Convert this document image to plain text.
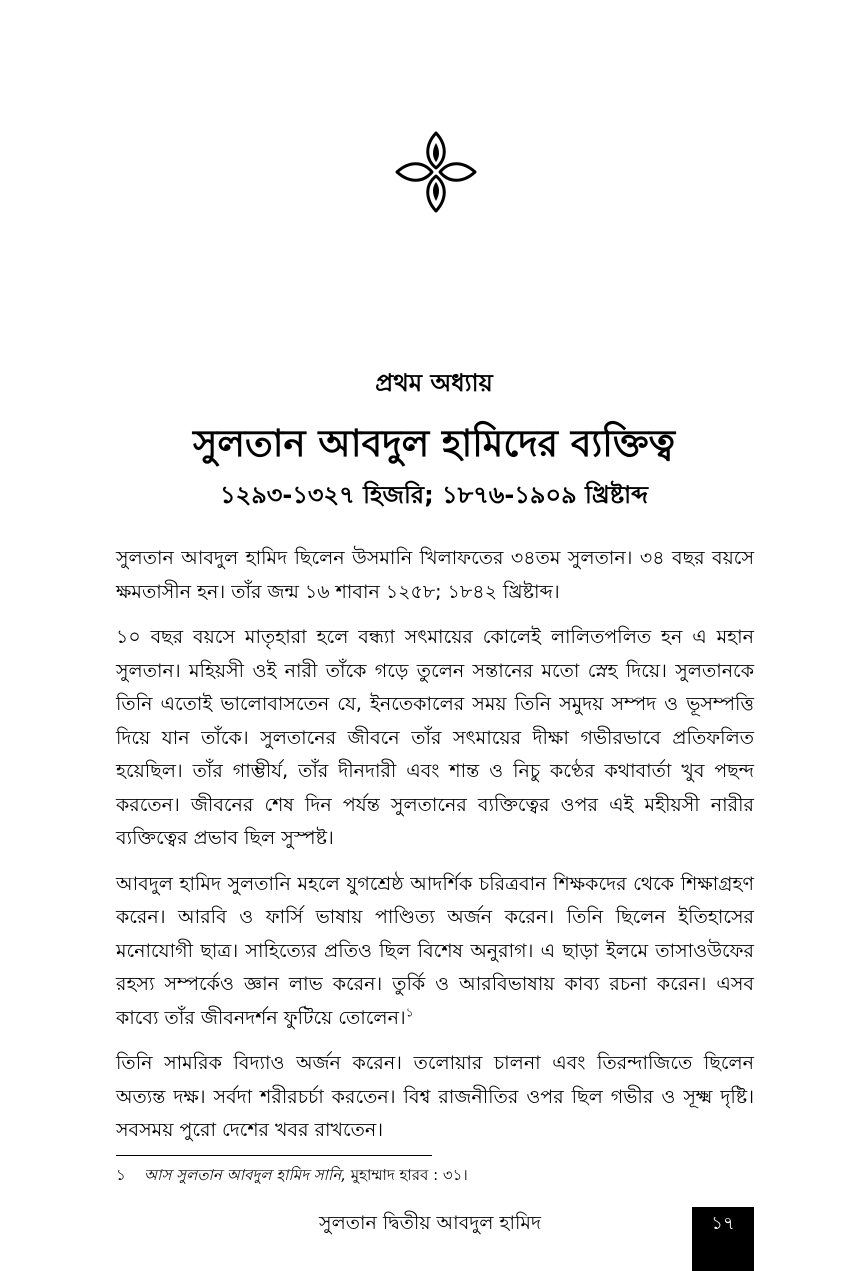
প্রথম অধ্যায়
সুলতান আবদুল হামিদের ব্যক্তিত্ব
১২৯৩-১৩২৭ হিজরি; ১৮৭৬-১৯০৯ খ্রিষ্টাব্দ

সুলতান আবদুল হামিদ ছিলেন উসমানি খিলাফতের ৩৪তম সুলতান। ৩৪ বছর বয়সে ক্ষমতাসীন হন। তাঁর জন্ম ১৬ শাবান ১২৫৮; ১৮৪২ খ্রিষ্টাব্দ।

১০ বছর বয়সে মাতৃহারা হলে বন্ধ্যা সৎমায়ের কোলেই লালিতপলিত হন এ মহান সুলতান। মহিয়সী ওই নারী তাঁকে গড়ে তুলেন সন্তানের মতো স্নেহ দিয়ে। সুলতানকে তিনি এতোই ভালোবাসতেন যে, ইনতেকালের সময় তিনি সমুদয় সম্পদ ও ভূসম্পত্তি দিয়ে যান তাঁকে। সুলতানের জীবনে তাঁর সৎমায়ের দীক্ষা গভীরভাবে প্রতিফলিত হয়েছিল। তাঁর গাম্ভীর্য, তাঁর দীনদারী এবং শান্ত ও নিচু কণ্ঠের কথাবার্তা খুব পছন্দ করতেন। জীবনের শেষ দিন পর্যন্ত সুলতানের ব্যক্তিত্বের ওপর এই মহীয়সী নারীর ব্যক্তিত্বের প্রভাব ছিল সুস্পষ্ট।

আবদুল হামিদ সুলতানি মহলে যুগশ্রেষ্ঠ আদর্শিক চরিত্রবান শিক্ষকদের থেকে শিক্ষাগ্রহণ করেন। আরবি ও ফার্সি ভাষায় পাণ্ডিত্য অর্জন করেন। তিনি ছিলেন ইতিহাসের মনোযোগী ছাত্র। সাহিত্যের প্রতিও ছিল বিশেষ অনুরাগ। এ ছাড়া ইলমে তাসাওউফের রহস্য সম্পর্কেও জ্ঞান লাভ করেন। তুর্কি ও আরবিভাষায় কাব্য রচনা করেন। এসব কাব্যে তাঁর জীবনদর্শন ফুটিয়ে তোলেন।$^১$

তিনি সামরিক বিদ্যাও অর্জন করেন। তলোয়ার চালনা এবং তিরন্দাজিতে ছিলেন অত্যন্ত দক্ষ। সর্বদা শরীরচর্চা করতেন। বিশ্ব রাজনীতির ওপর ছিল গভীর ও সূক্ষ্ম দৃষ্টি। সবসময় পুরো দেশের খবর রাখতেন।

১ আস সুলতান আবদুল হামিদ সানি, মুহাম্মাদ হারব : ৩১।
সুলতান দ্বিতীয় আবদুল হামিদ	১৭
